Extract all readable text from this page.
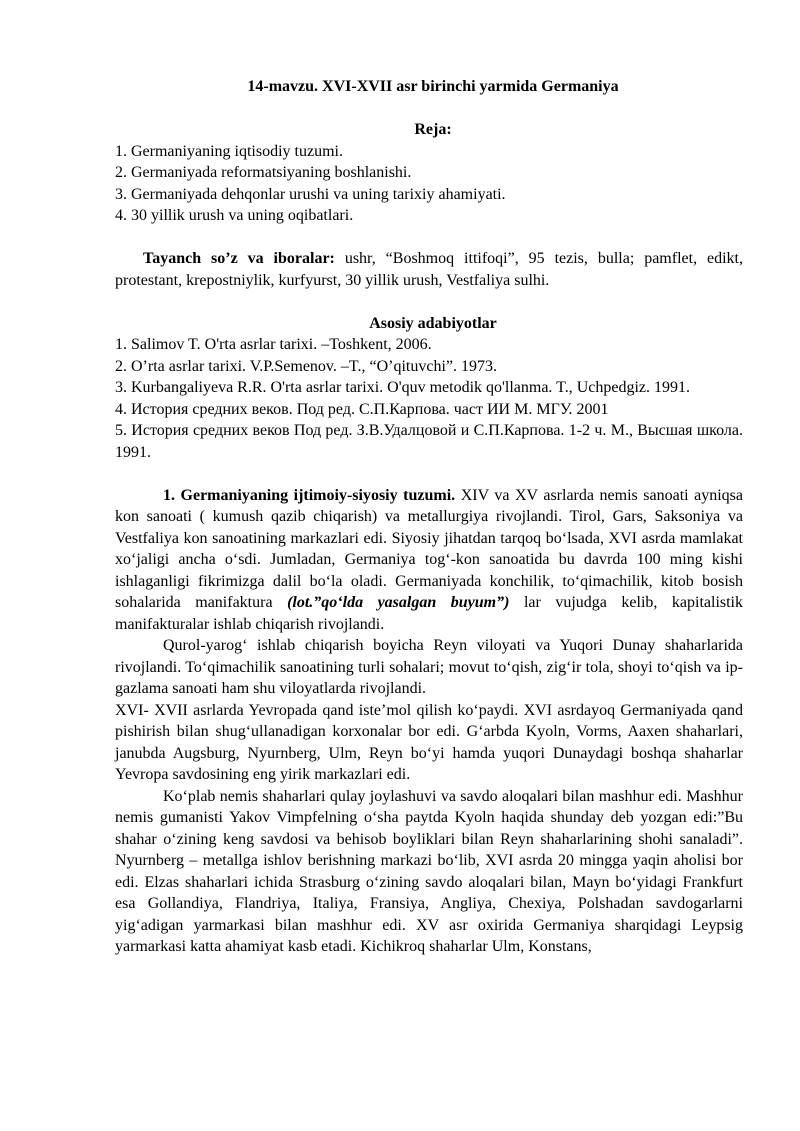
14-mavzu. XVI-XVII asr birinchi yarmida Germaniya
Reja:
1. Germaniyaning iqtisodiy tuzumi.
2. Germaniyada reformatsiyaning boshlanishi.
3. Germaniyada dehqonlar urushi va uning tarixiy ahamiyati.
4. 30 yillik urush va uning oqibatlari.
Tayanch so’z va iboralar: ushr, “Boshmoq ittifoqi”, 95 tezis, bulla; pamflet, edikt, protestant, krepostniylik, kurfyurst, 30 yillik urush, Vestfaliya sulhi.
Asosiy adabiyotlar
1. Salimov T. O'rta asrlar tarixi. –Toshkent, 2006.
2. O’rta asrlar tarixi. V.P.Semenov. –T., “O’qituvchi”. 1973.
3. Kurbangaliyeva R.R. O'rta asrlar tarixi. O'quv metodik qo'llanma. T., Uchpedgiz. 1991.
4. История средних веков. Под ред. С.П.Карпова. част ИИ М. МГУ. 2001
5. История средних веков Под ред. З.В.Удалцовой и С.П.Карпова. 1-2 ч. М., Высшая школа. 1991.
1. Germaniyaning ijtimoiy-siyosiy tuzumi. XIV va XV asrlarda nemis sanoati ayniqsa kon sanoati ( kumush qazib chiqarish) va metallurgiya rivojlandi. Tirol, Gars, Saksoniya va Vestfaliya kon sanoatining markazlari edi. Siyosiy jihatdan tarqoq bo‘lsada, XVI asrda mamlakat xo‘jaligi ancha o‘sdi. Jumladan, Germaniya tog‘-kon sanoatida bu davrda 100 ming kishi ishlaganligi fikrimizga dalil bo‘la oladi. Germaniyada konchilik, to‘qimachilik, kitob bosish sohalarida manifaktura (lot.”qo‘lda yasalgan buyum”) lar vujudga kelib, kapitalistik manifakturalar ishlab chiqarish rivojlandi.
Qurol-yarog‘ ishlab chiqarish boyicha Reyn viloyati va Yuqori Dunay shaharlarida rivojlandi. To‘qimachilik sanoatining turli sohalari; movut to‘qish, zig‘ir tola, shoyi to‘qish va ip-gazlama sanoati ham shu viloyatlarda rivojlandi.
XVI- XVII asrlarda Yevropada qand iste’mol qilish ko‘paydi. XVI asrdayoq Germaniyada qand pishirish bilan shug‘ullanadigan korxonalar bor edi. G‘arbda Kyoln, Vorms, Aaxen shaharlari, janubda Augsburg, Nyurnberg, Ulm, Reyn bo‘yi hamda yuqori Dunaydagi boshqa shaharlar Yevropa savdosining eng yirik markazlari edi.
Ko‘plab nemis shaharlari qulay joylashuvi va savdo aloqalari bilan mashhur edi. Mashhur nemis gumanisti Yakov Vimpfelning o‘sha paytda Kyoln haqida shunday deb yozgan edi:”Bu shahar o‘zining keng savdosi va behisob boyliklari bilan Reyn shaharlarining shohi sanaladi”. Nyurnberg – metallga ishlov berishning markazi bo‘lib, XVI asrda 20 mingga yaqin aholisi bor edi. Elzas shaharlari ichida Strasburg o‘zining savdo aloqalari bilan, Mayn bo‘yidagi Frankfurt esa Gollandiya, Flandriya, Italiya, Fransiya, Angliya, Chexiya, Polshadan savdogarlarni yig‘adigan yarmarkasi bilan mashhur edi. XV asr oxirida Germaniya sharqidagi Leypsig yarmarkasi katta ahamiyat kasb etadi. Kichikroq shaharlar Ulm, Konstans,
